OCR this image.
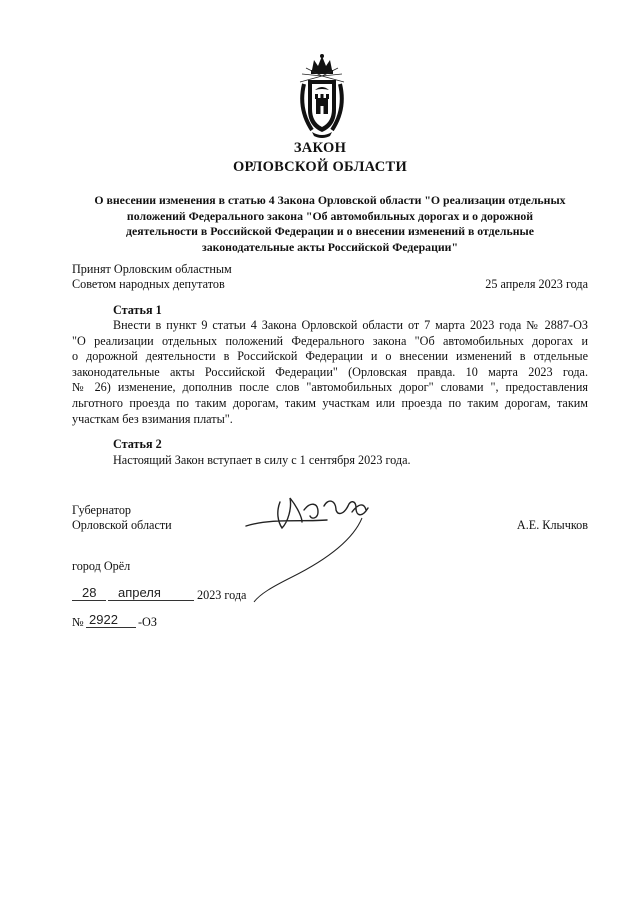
ЗАКОН
ОРЛОВСКОЙ ОБЛАСТИ
О внесении изменения в статью 4 Закона Орловской области "О реализации отдельных
положений Федерального закона "Об автомобильных дорогах и о дорожной
деятельности в Российской Федерации и о внесении изменений в отдельные
законодательные акты Российской Федерации"
Принят Орловским областным
Советом народных депутатов	25 апреля 2023 года
Статья 1
Внести в пункт 9 статьи 4 Закона Орловской области от 7 марта 2023 года № 2887-ОЗ
"О реализации отдельных положений Федерального закона "Об автомобильных дорогах и
о дорожной деятельности в Российской Федерации и о внесении изменений в отдельные
законодательные акты Российской Федерации" (Орловская правда. 10 марта 2023 года.
№ 26) изменение, дополнив после слов "автомобильных дорог" словами ", предоставления
льготного проезда по таким дорогам, таким участкам или проезда по таким дорогам, таким
участкам без взимания платы".
Статья 2
Настоящий Закон вступает в силу с 1 сентября 2023 года.
Губернатор
Орловской области	А.Е. Клычков
город Орёл
28 апреля	2023 года
№ 2922 -ОЗ
